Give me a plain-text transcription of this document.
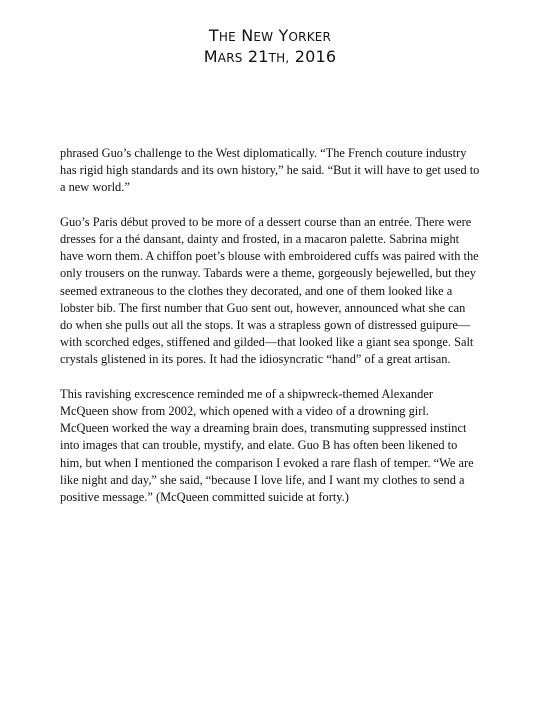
THE NEW YORKER
MARS 21TH, 2016

phrased Guo’s challenge to the West diplomatically. “The French couture industry has rigid high standards and its own history,” he said. “But it will have to get used to a new world.”

Guo’s Paris début proved to be more of a dessert course than an entrée. There were dresses for a thé dansant, dainty and frosted, in a macaron palette. Sabrina might have worn them. A chiffon poet’s blouse with embroidered cuffs was paired with the only trousers on the runway. Tabards were a theme, gorgeously bejewelled, but they seemed extraneous to the clothes they decorated, and one of them looked like a lobster bib. The first number that Guo sent out, however, announced what she can do when she pulls out all the stops. It was a strapless gown of distressed guipure—with scorched edges, stiffened and gilded—that looked like a giant sea sponge. Salt crystals glistened in its pores. It had the idiosyncratic “hand” of a great artisan.

This ravishing excrescence reminded me of a shipwreck-themed Alexander McQueen show from 2002, which opened with a video of a drowning girl. McQueen worked the way a dreaming brain does, transmuting suppressed instinct into images that can trouble, mystify, and elate. Guo B has often been likened to him, but when I mentioned the comparison I evoked a rare flash of temper. “We are like night and day,” she said, “because I love life, and I want my clothes to send a positive message.” (McQueen committed suicide at forty.)
